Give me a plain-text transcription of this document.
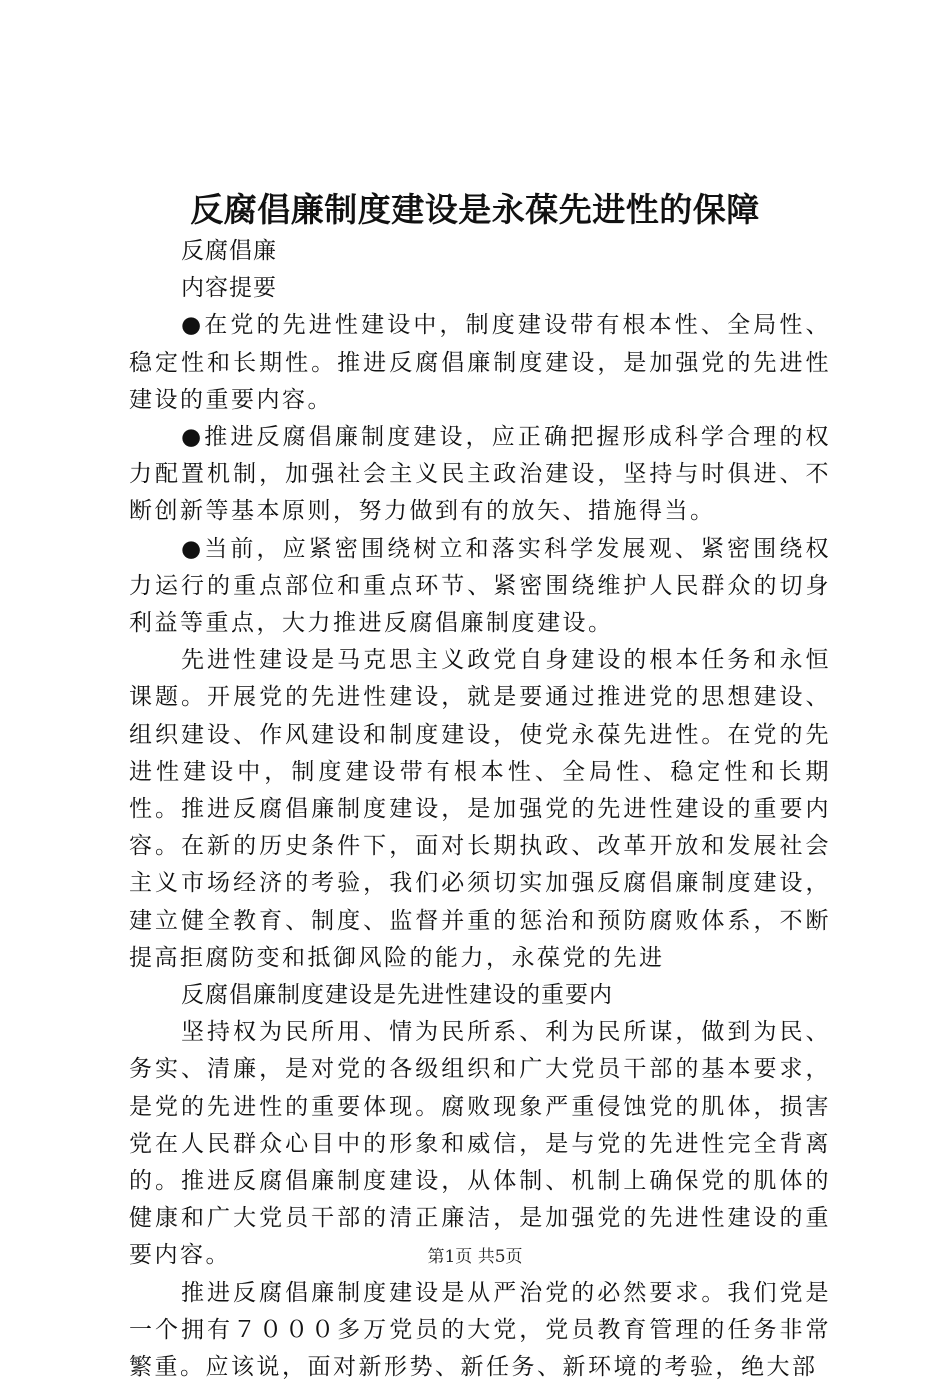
反腐倡廉制度建设是永葆先进性的保障

反腐倡廉

内容提要

●在党的先进性建设中，制度建设带有根本性、全局性、稳定性和长期性。推进反腐倡廉制度建设，是加强党的先进性建设的重要内容。

●推进反腐倡廉制度建设，应正确把握形成科学合理的权力配置机制，加强社会主义民主政治建设，坚持与时俱进、不断创新等基本原则，努力做到有的放矢、措施得当。

●当前，应紧密围绕树立和落实科学发展观、紧密围绕权力运行的重点部位和重点环节、紧密围绕维护人民群众的切身利益等重点，大力推进反腐倡廉制度建设。

先进性建设是马克思主义政党自身建设的根本任务和永恒课题。开展党的先进性建设，就是要通过推进党的思想建设、组织建设、作风建设和制度建设，使党永葆先进性。在党的先进性建设中，制度建设带有根本性、全局性、稳定性和长期性。推进反腐倡廉制度建设，是加强党的先进性建设的重要内容。在新的历史条件下，面对长期执政、改革开放和发展社会主义市场经济的考验，我们必须切实加强反腐倡廉制度建设，建立健全教育、制度、监督并重的惩治和预防腐败体系，不断提高拒腐防变和抵御风险的能力，永葆党的先进

反腐倡廉制度建设是先进性建设的重要内

坚持权为民所用、情为民所系、利为民所谋，做到为民、务实、清廉，是对党的各级组织和广大党员干部的基本要求，是党的先进性的重要体现。腐败现象严重侵蚀党的肌体，损害党在人民群众心目中的形象和威信，是与党的先进性完全背离的。推进反腐倡廉制度建设，从体制、机制上确保党的肌体的健康和广大党员干部的清正廉洁，是加强党的先进性建设的重要内容。

推进反腐倡廉制度建设是从严治党的必然要求。我们党是一个拥有７０００多万党员的大党，党员教育管理的任务非常繁重。应该说，面对新形势、新任务、新环境的考验，绝大部

第1页 共5页
